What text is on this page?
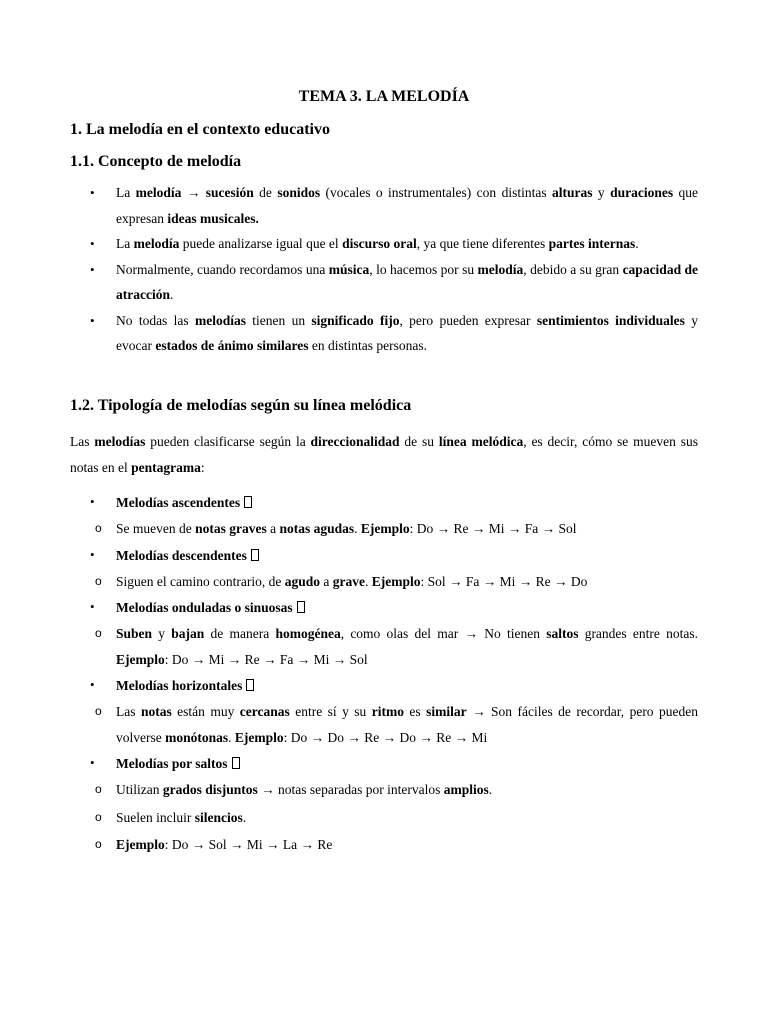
TEMA 3. LA MELODÍA
1. La melodía en el contexto educativo
1.1. Concepto de melodía
• La melodía → sucesión de sonidos (vocales o instrumentales) con distintas alturas y duraciones que expresan ideas musicales.
• La melodía puede analizarse igual que el discurso oral, ya que tiene diferentes partes internas.
• Normalmente, cuando recordamos una música, lo hacemos por su melodía, debido a su gran capacidad de atracción.
• No todas las melodías tienen un significado fijo, pero pueden expresar sentimientos individuales y evocar estados de ánimo similares en distintas personas.
1.2. Tipología de melodías según su línea melódica

Las melodías pueden clasificarse según la direccionalidad de su línea melódica, es decir, cómo se mueven sus notas en el pentagrama:

• Melodías ascendentes
o Se mueven de notas graves a notas agudas. Ejemplo: Do → Re → Mi → Fa → Sol
• Melodías descendentes
o Siguen el camino contrario, de agudo a grave. Ejemplo: Sol → Fa → Mi → Re → Do
• Melodías onduladas o sinuosas
o Suben y bajan de manera homogénea, como olas del mar → No tienen saltos grandes entre notas. Ejemplo: Do → Mi → Re → Fa → Mi → Sol
• Melodías horizontales
o Las notas están muy cercanas entre sí y su ritmo es similar → Son fáciles de recordar, pero pueden volverse monótonas. Ejemplo: Do → Do → Re → Do → Re → Mi
• Melodías por saltos
o Utilizan grados disjuntos → notas separadas por intervalos amplios.
o Suelen incluir silencios.
o Ejemplo: Do → Sol → Mi → La → Re
